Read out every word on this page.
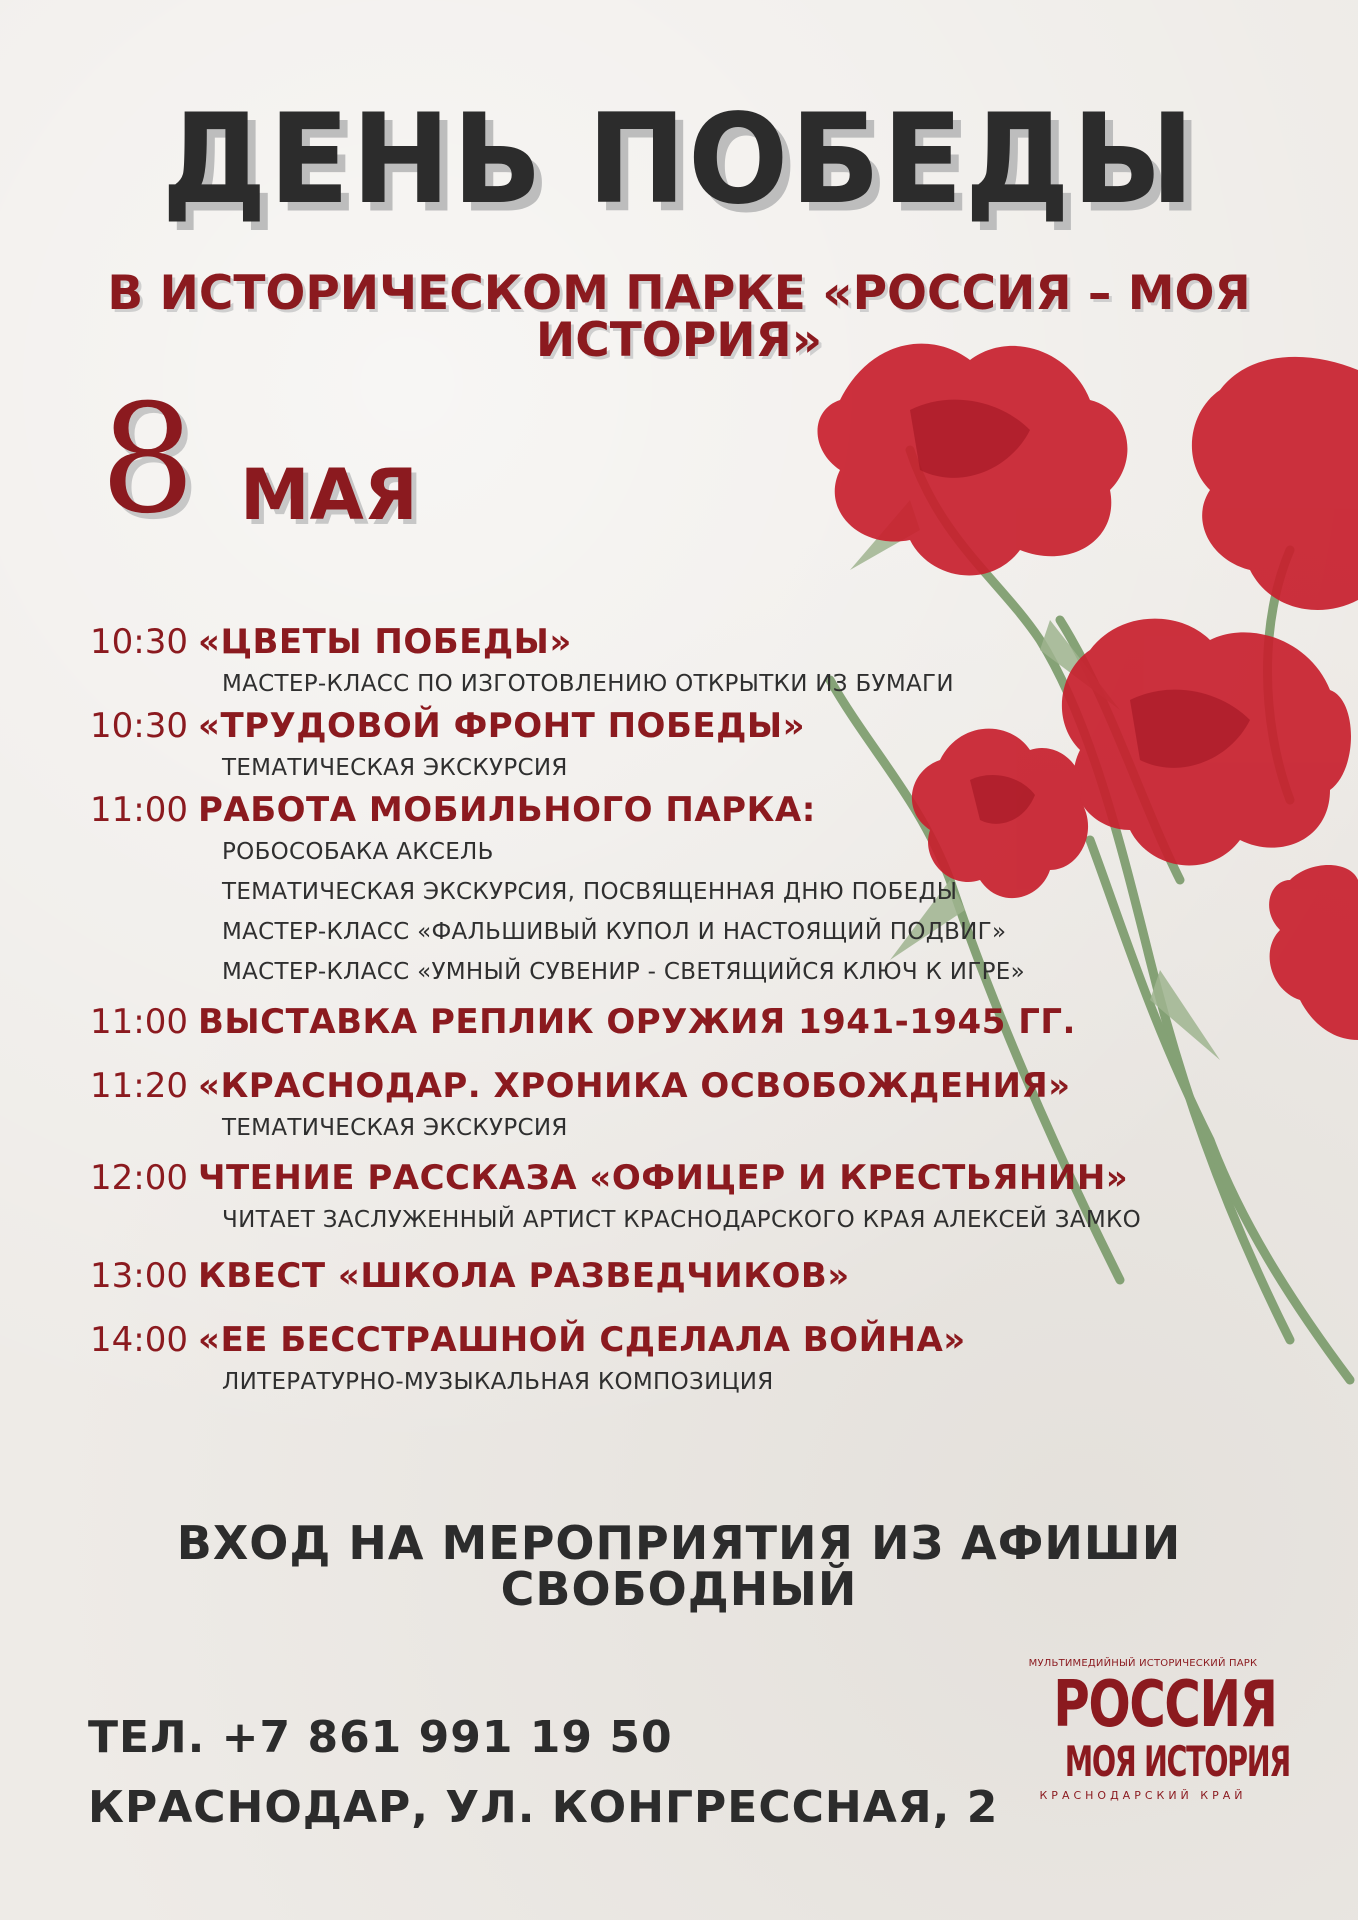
ДЕНЬ ПОБЕДЫ
В ИСТОРИЧЕСКОМ ПАРКЕ «РОССИЯ – МОЯ ИСТОРИЯ»
8 МАЯ
10:30 «ЦВЕТЫ ПОБЕДЫ»
МАСТЕР-КЛАСС ПО ИЗГОТОВЛЕНИЮ ОТКРЫТКИ ИЗ БУМАГИ
10:30 «ТРУДОВОЙ ФРОНТ ПОБЕДЫ»
ТЕМАТИЧЕСКАЯ ЭКСКУРСИЯ
11:00 РАБОТА МОБИЛЬНОГО ПАРКА:
РОБОСОБАКА АКСЕЛЬ
ТЕМАТИЧЕСКАЯ ЭКСКУРСИЯ, ПОСВЯЩЕННАЯ ДНЮ ПОБЕДЫ
МАСТЕР-КЛАСС «ФАЛЬШИВЫЙ КУПОЛ И НАСТОЯЩИЙ ПОДВИГ»
МАСТЕР-КЛАСС «УМНЫЙ СУВЕНИР - СВЕТЯЩИЙСЯ КЛЮЧ К ИГРЕ»
11:00 ВЫСТАВКА РЕПЛИК ОРУЖИЯ 1941-1945 ГГ.
11:20 «КРАСНОДАР. ХРОНИКА ОСВОБОЖДЕНИЯ»
ТЕМАТИЧЕСКАЯ ЭКСКУРСИЯ
12:00 ЧТЕНИЕ РАССКАЗА «ОФИЦЕР И КРЕСТЬЯНИН»
ЧИТАЕТ ЗАСЛУЖЕННЫЙ АРТИСТ КРАСНОДАРСКОГО КРАЯ АЛЕКСЕЙ ЗАМКО
13:00 КВЕСТ «ШКОЛА РАЗВЕДЧИКОВ»
14:00 «ЕЕ БЕССТРАШНОЙ СДЕЛАЛА ВОЙНА»
ЛИТЕРАТУРНО-МУЗЫКАЛЬНАЯ КОМПОЗИЦИЯ
ВХОД НА МЕРОПРИЯТИЯ ИЗ АФИШИ СВОБОДНЫЙ
ТЕЛ. +7 861 991 19 50
КРАСНОДАР, УЛ. КОНГРЕССНАЯ, 2
МУЛЬТИМЕДИЙНЫЙ ИСТОРИЧЕСКИЙ ПАРК
РОССИЯ
МОЯ ИСТОРИЯ
КРАСНОДАРСКИЙ КРАЙ
